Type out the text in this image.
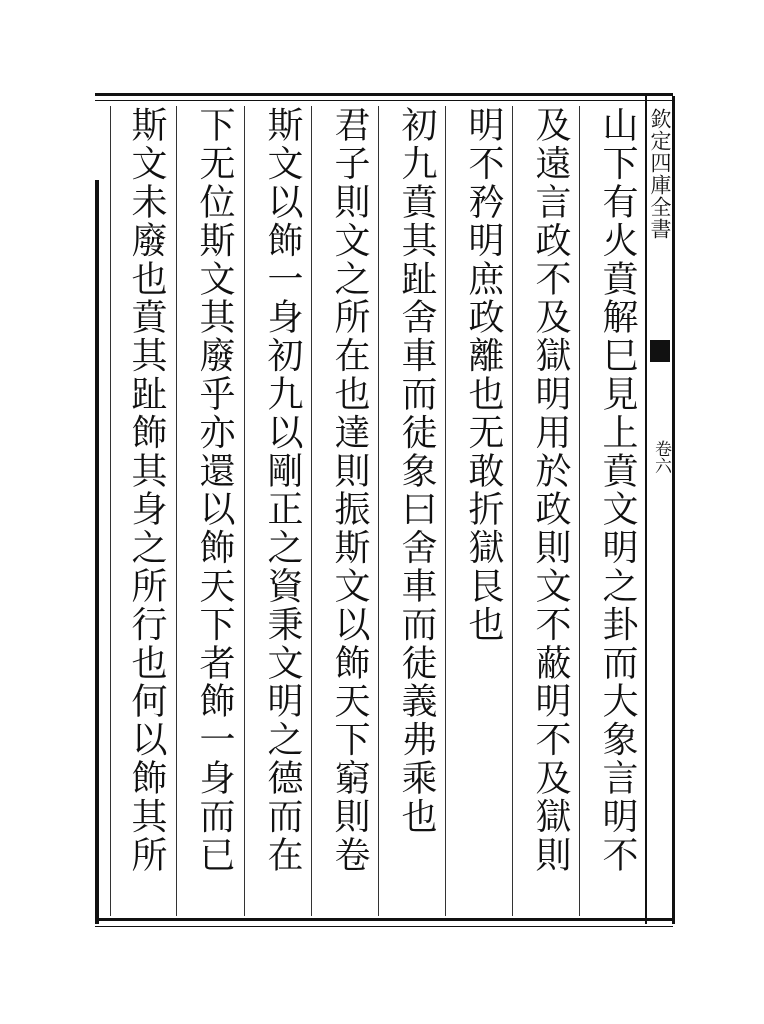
欽定四庫全書
卷六
山下有火賁解巳見上賁文明之卦而大象言明不
及遠言政不及獄明用於政則文不蔽明不及獄則
明不矜明庶政離也无敢折獄艮也
初九賁其趾舍車而徒象曰舍車而徒義弗乘也
君子則文之所在也達則振斯文以飾天下窮則卷
斯文以飾一身初九以剛正之資秉文明之德而在
下无位斯文其廢乎亦還以飾天下者飾一身而已
斯文未廢也賁其趾飾其身之所行也何以飾其所
